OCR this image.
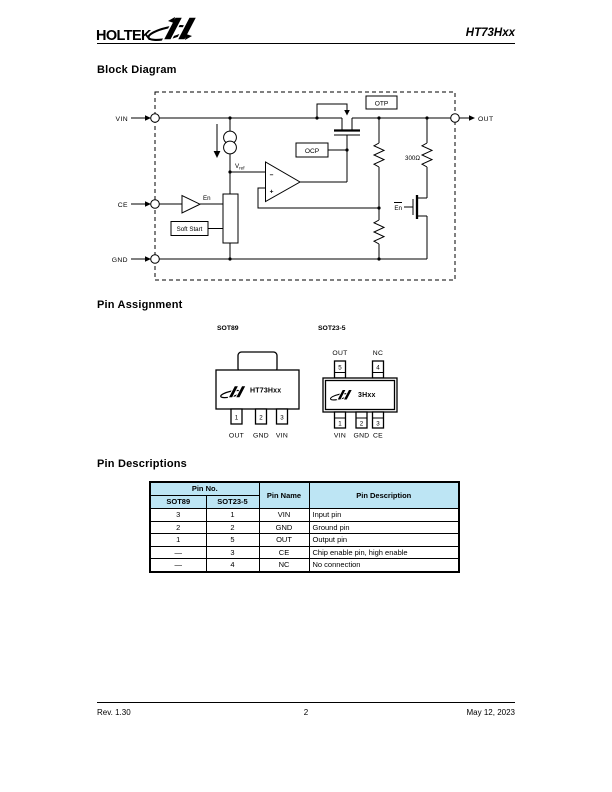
HOLTEK	HT73Hxx
Block Diagram
VIN	OUT
OTP
OCP
$V_{ref}$
−
+
CE
En
Soft Start
GND
300Ω
En
Pin Assignment
SOT89
HT73Hxx
1	2	3
OUT GND VIN
SOT23-5
OUT	NC
5	4
3Hxx
1	2 3
VIN GND CE
Pin Descriptions
Pin No.		Pin Name	Pin Description
SOT89	SOT23-5		
3	1	VIN	Input pin
2	2	GND	Ground pin
1	5	OUT	Output pin
—	3	CE	Chip enable pin, high enable
—	4	NC	No connection
Rev. 1.30	2	May 12, 2023
